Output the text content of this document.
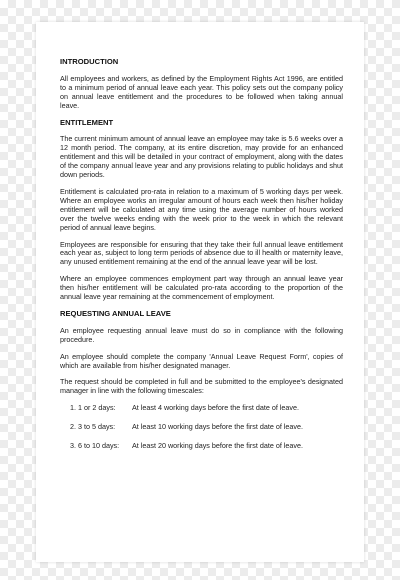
INTRODUCTION

All employees and workers, as defined by the Employment Rights Act 1996, are entitled to a minimum period of annual leave each year. This policy sets out the company policy on annual leave entitlement and the procedures to be followed when taking annual leave.

ENTITLEMENT

The current minimum amount of annual leave an employee may take is 5.6 weeks over a 12 month period. The company, at its entire discretion, may provide for an enhanced entitlement and this will be detailed in your contract of employment, along with the dates of the company annual leave year and any provisions relating to public holidays and shut down periods.

Entitlement is calculated pro-rata in relation to a maximum of 5 working days per week. Where an employee works an irregular amount of hours each week then his/her holiday entitlement will be calculated at any time using the average number of hours worked over the twelve weeks ending with the week prior to the week in which the relevant period of annual leave begins.

Employees are responsible for ensuring that they take their full annual leave entitlement each year as, subject to long term periods of absence due to ill health or maternity leave, any unused entitlement remaining at the end of the annual leave year will be lost.

Where an employee commences employment part way through an annual leave year then his/her entitlement will be calculated pro-rata according to the proportion of the annual leave year remaining at the commencement of employment.

REQUESTING ANNUAL LEAVE

An employee requesting annual leave must do so in compliance with the following procedure.

An employee should complete the company 'Annual Leave Request Form', copies of which are available from his/her designated manager.

The request should be completed in full and be submitted to the employee's designated manager in line with the following timescales:

1. 1 or 2 days:	At least 4 working days before the first date of leave.
2. 3 to 5 days:	At least 10 working days before the first date of leave.
3. 6 to 10 days:	At least 20 working days before the first date of leave.
